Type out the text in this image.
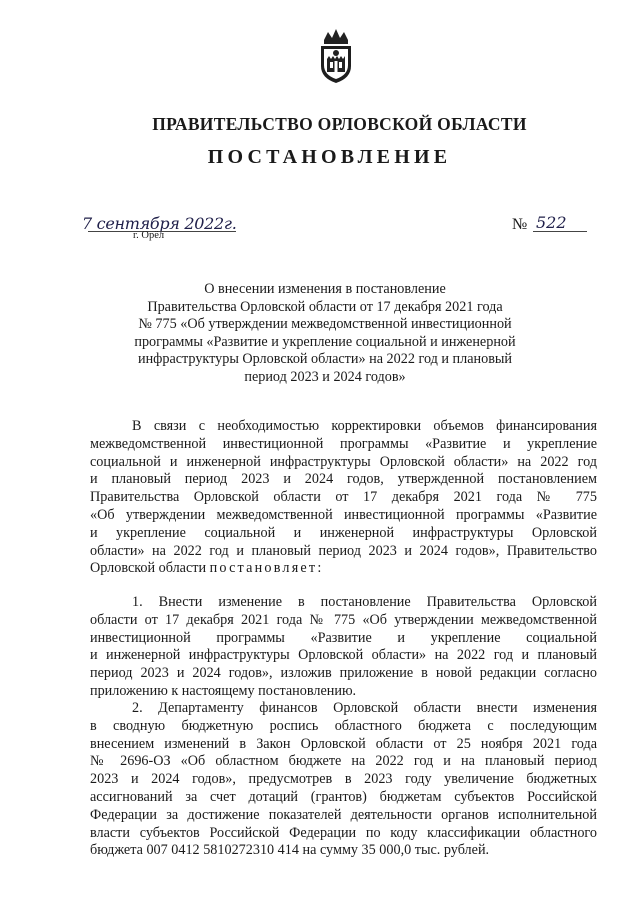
ПРАВИТЕЛЬСТВО ОРЛОВСКОЙ ОБЛАСТИ
ПОСТАНОВЛЕНИЕ
7 сентября 2022г.
г. Орёл
№ 522
О внесении изменения в постановление
Правительства Орловской области от 17 декабря 2021 года
№ 775 «Об утверждении межведомственной инвестиционной
программы «Развитие и укрепление социальной и инженерной
инфраструктуры Орловской области» на 2022 год и плановый
период 2023 и 2024 годов»
В связи с необходимостью корректировки объемов финансирования
межведомственной инвестиционной программы «Развитие и укрепление
социальной и инженерной инфраструктуры Орловской области» на 2022 год
и плановый период 2023 и 2024 годов, утвержденной постановлением
Правительства Орловской области от 17 декабря 2021 года № 775
«Об утверждении межведомственной инвестиционной программы «Развитие
и укрепление социальной и инженерной инфраструктуры Орловской
области» на 2022 год и плановый период 2023 и 2024 годов», Правительство
Орловской области постановляет:
1. Внести изменение в постановление Правительства Орловской
области от 17 декабря 2021 года № 775 «Об утверждении межведомственной
инвестиционной программы «Развитие и укрепление социальной
и инженерной инфраструктуры Орловской области» на 2022 год и плановый
период 2023 и 2024 годов», изложив приложение в новой редакции согласно
приложению к настоящему постановлению.
2. Департаменту финансов Орловской области внести изменения
в сводную бюджетную роспись областного бюджета с последующим
внесением изменений в Закон Орловской области от 25 ноября 2021 года
№ 2696-ОЗ «Об областном бюджете на 2022 год и на плановый период
2023 и 2024 годов», предусмотрев в 2023 году увеличение бюджетных
ассигнований за счет дотаций (грантов) бюджетам субъектов Российской
Федерации за достижение показателей деятельности органов исполнительной
власти субъектов Российской Федерации по коду классификации областного
бюджета 007 0412 5810272310 414 на сумму 35 000,0 тыс. рублей.
